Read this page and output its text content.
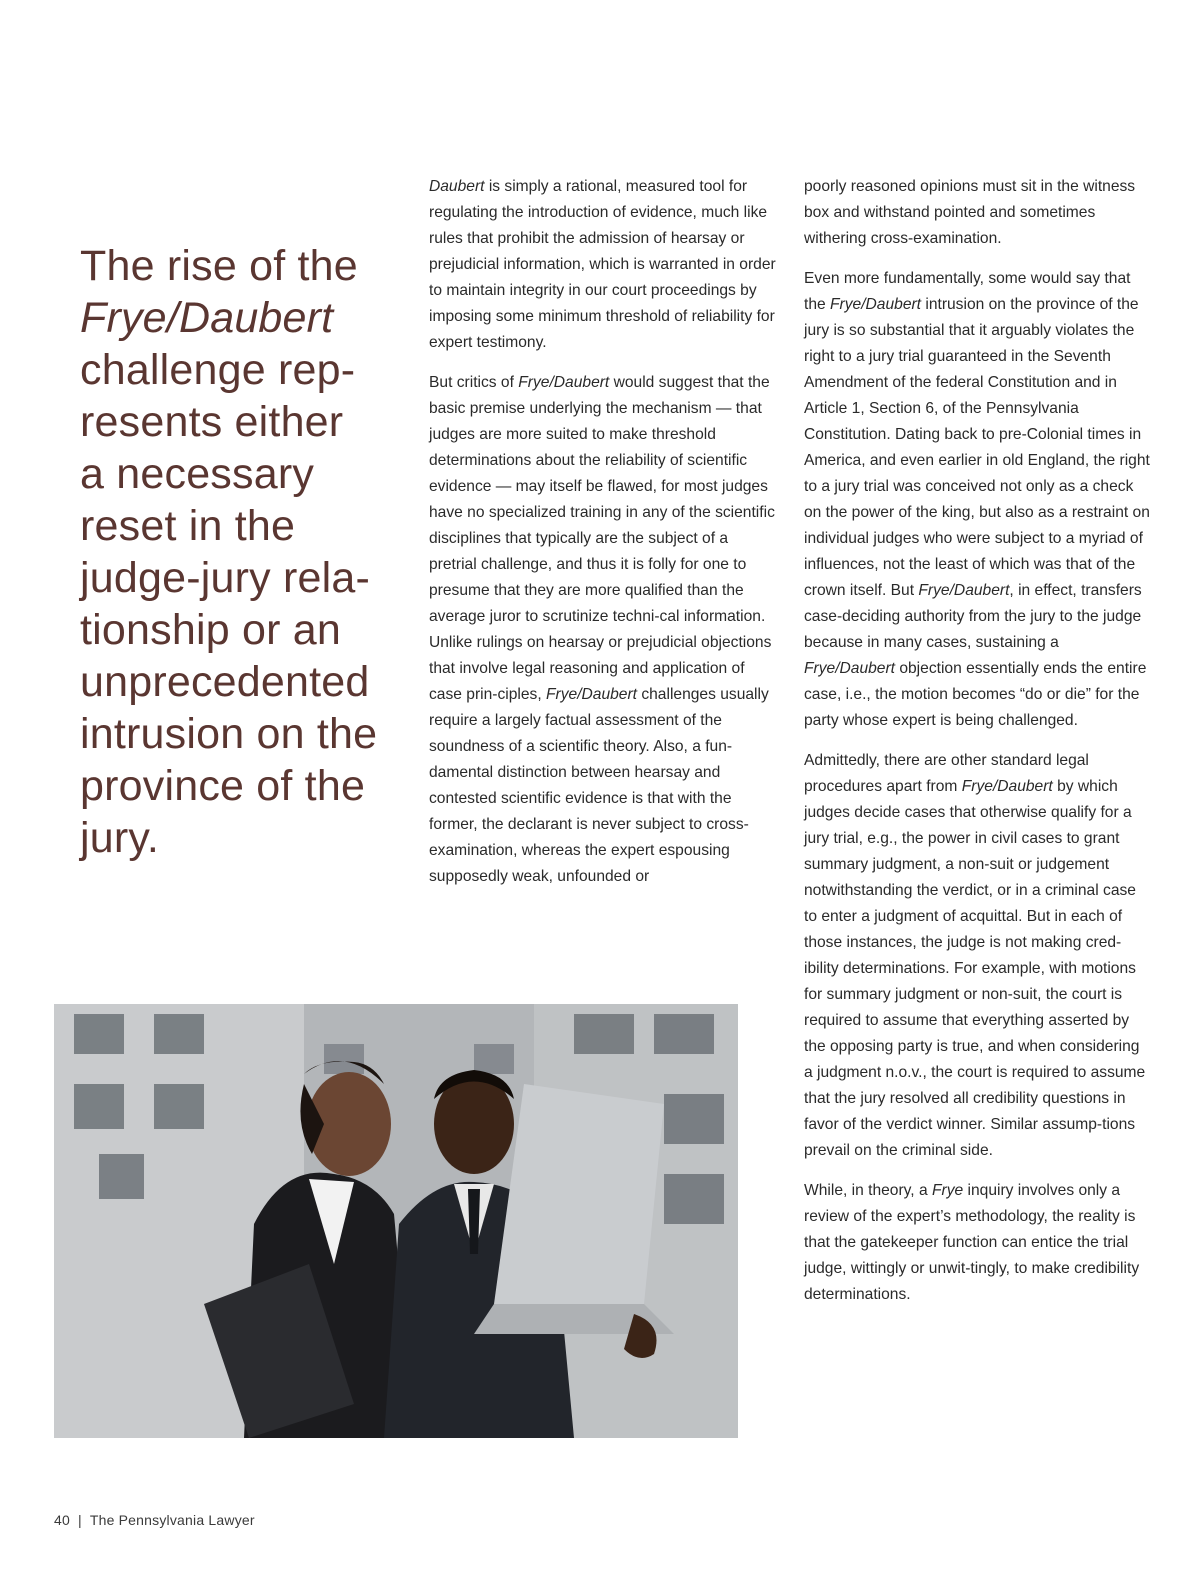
The rise of the
Frye/Daubert
challenge rep-
resents either
a necessary
reset in the
judge-jury rela-
tionship or an
unprecedented
intrusion on the
province of the
jury.

Daubert is simply a rational, measured tool for regulating the introduction of evidence, much like rules that prohibit the admission of hearsay or prejudicial information, which is warranted in order to maintain integrity in our court proceedings by imposing some minimum threshold of reliability for expert testimony.

But critics of Frye/Daubert would suggest that the basic premise underlying the mechanism — that judges are more suited to make threshold determinations about the reliability of scientific evidence — may itself be flawed, for most judges have no specialized training in any of the scientific disciplines that typically are the subject of a pretrial challenge, and thus it is folly for one to presume that they are more qualified than the average juror to scrutinize techni-cal information. Unlike rulings on hearsay or prejudicial objections that involve legal reasoning and application of case prin-ciples, Frye/Daubert challenges usually require a largely factual assessment of the soundness of a scientific theory. Also, a fun-damental distinction between hearsay and contested scientific evidence is that with the former, the declarant is never subject to cross-examination, whereas the expert espousing supposedly weak, unfounded or

poorly reasoned opinions must sit in the witness box and withstand pointed and sometimes withering cross-examination.

Even more fundamentally, some would say that the Frye/Daubert intrusion on the province of the jury is so substantial that it arguably violates the right to a jury trial guaranteed in the Seventh Amendment of the federal Constitution and in Article 1, Section 6, of the Pennsylvania Constitution. Dating back to pre-Colonial times in America, and even earlier in old England, the right to a jury trial was conceived not only as a check on the power of the king, but also as a restraint on individual judges who were subject to a myriad of influences, not the least of which was that of the crown itself. But Frye/Daubert, in effect, transfers case-deciding authority from the jury to the judge because in many cases, sustaining a Frye/Daubert objection essentially ends the entire case, i.e., the motion becomes “do or die” for the party whose expert is being challenged.

Admittedly, there are other standard legal procedures apart from Frye/Daubert by which judges decide cases that otherwise qualify for a jury trial, e.g., the power in civil cases to grant summary judgment, a non-suit or judgement notwithstanding the verdict, or in a criminal case to enter a judgment of acquittal. But in each of those instances, the judge is not making cred-ibility determinations. For example, with motions for summary judgment or non-suit, the court is required to assume that everything asserted by the opposing party is true, and when considering a judgment n.o.v., the court is required to assume that the jury resolved all credibility questions in favor of the verdict winner. Similar assump-tions prevail on the criminal side.

While, in theory, a Frye inquiry involves only a review of the expert’s methodology, the reality is that the gatekeeper function can entice the trial judge, wittingly or unwit-tingly, to make credibility determinations.

40 | The Pennsylvania Lawyer
